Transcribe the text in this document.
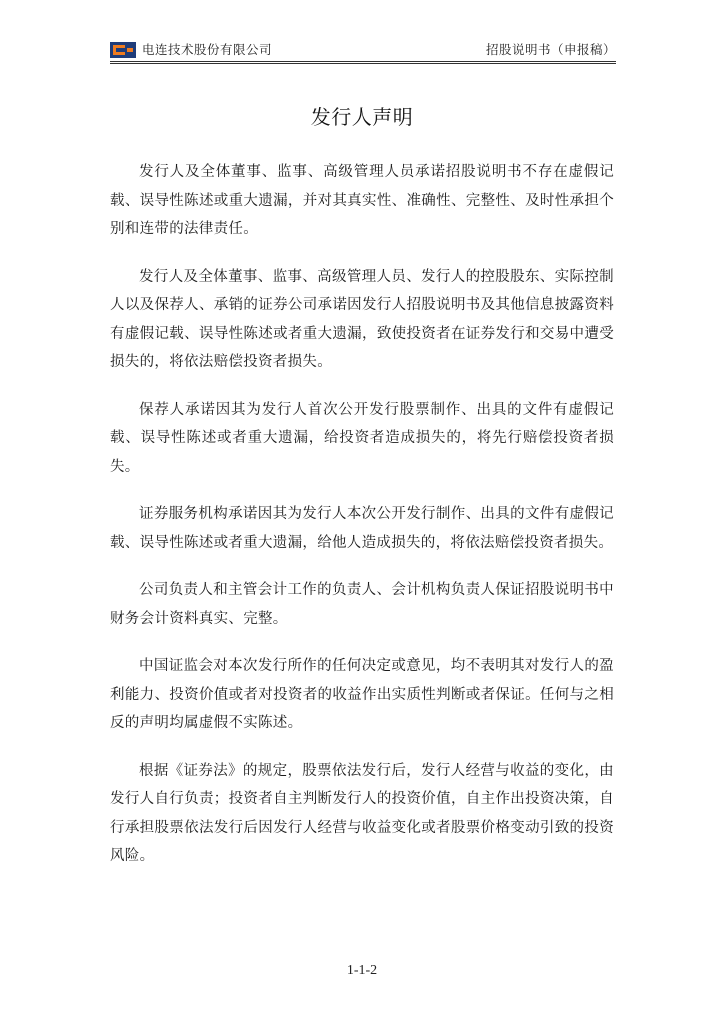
电连技术股份有限公司	招股说明书（申报稿）
发行人声明

发行人及全体董事、监事、高级管理人员承诺招股说明书不存在虚假记载、误导性陈述或重大遗漏，并对其真实性、准确性、完整性、及时性承担个别和连带的法律责任。

发行人及全体董事、监事、高级管理人员、发行人的控股股东、实际控制人以及保荐人、承销的证券公司承诺因发行人招股说明书及其他信息披露资料有虚假记载、误导性陈述或者重大遗漏，致使投资者在证券发行和交易中遭受损失的，将依法赔偿投资者损失。

保荐人承诺因其为发行人首次公开发行股票制作、出具的文件有虚假记载、误导性陈述或者重大遗漏，给投资者造成损失的，将先行赔偿投资者损失。

证券服务机构承诺因其为发行人本次公开发行制作、出具的文件有虚假记载、误导性陈述或者重大遗漏，给他人造成损失的，将依法赔偿投资者损失。

公司负责人和主管会计工作的负责人、会计机构负责人保证招股说明书中财务会计资料真实、完整。

中国证监会对本次发行所作的任何决定或意见，均不表明其对发行人的盈利能力、投资价值或者对投资者的收益作出实质性判断或者保证。任何与之相反的声明均属虚假不实陈述。

根据《证券法》的规定，股票依法发行后，发行人经营与收益的变化，由发行人自行负责；投资者自主判断发行人的投资价值，自主作出投资决策，自行承担股票依法发行后因发行人经营与收益变化或者股票价格变动引致的投资风险。

1-1-2
